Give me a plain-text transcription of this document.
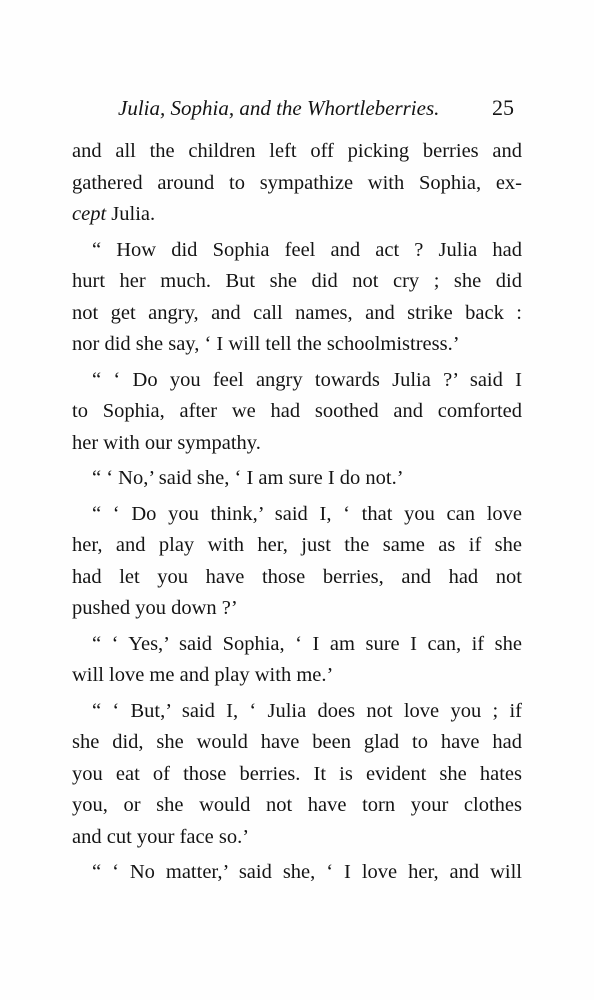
Julia, Sophia, and the Whortleberries. 25
and all the children left off picking berries and
gathered around to sympathize with Sophia, ex-
cept Julia.
“ How did Sophia feel and act ? Julia had
hurt her much. But she did not cry ; she did
not get angry, and call names, and strike back :
nor did she say, ‘ I will tell the schoolmistress.’
“ ‘ Do you feel angry towards Julia ?’ said I
to Sophia, after we had soothed and comforted
her with our sympathy.
“ ‘ No,’ said she, ‘ I am sure I do not.’
“ ‘ Do you think,’ said I, ‘ that you can love
her, and play with her, just the same as if she
had let you have those berries, and had not
pushed you down ?’
“ ‘ Yes,’ said Sophia, ‘ I am sure I can, if she
will love me and play with me.’
“ ‘ But,’ said I, ‘ Julia does not love you ; if
she did, she would have been glad to have had
you eat of those berries. It is evident she hates
you, or she would not have torn your clothes
and cut your face so.’
“ ‘ No matter,’ said she, ‘ I love her, and will
